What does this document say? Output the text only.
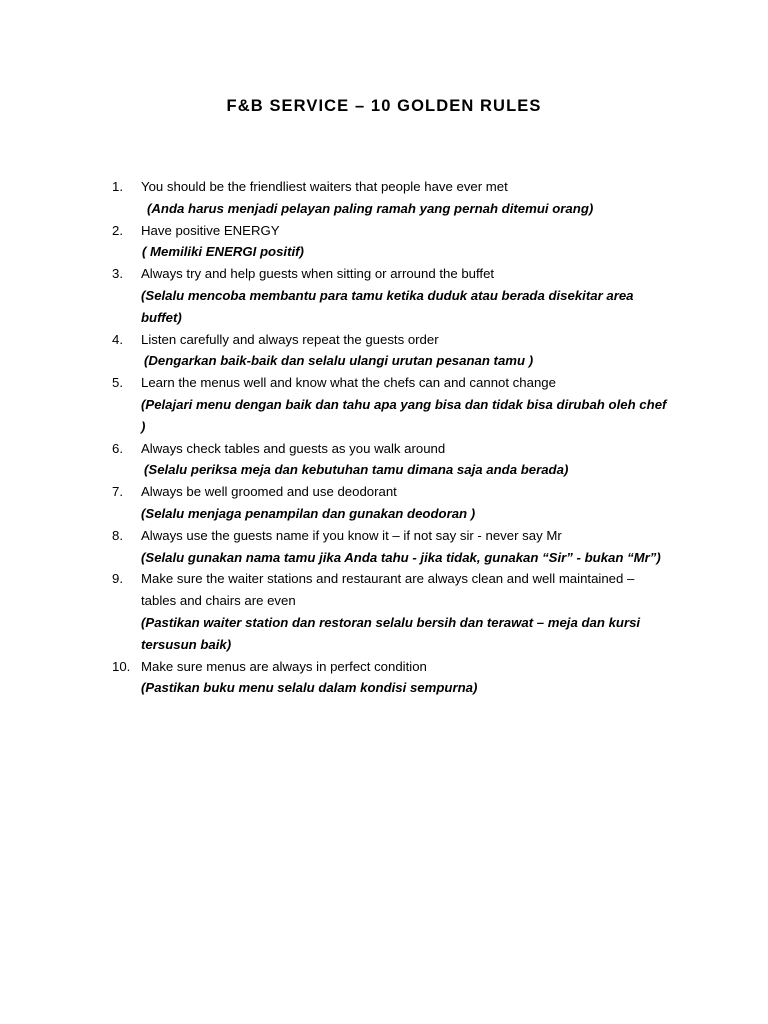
F&B SERVICE – 10 GOLDEN RULES
1. You should be the friendliest waiters that people have ever met
(Anda harus menjadi pelayan paling ramah yang pernah ditemui orang)
2. Have positive ENERGY
( Memiliki ENERGI positif)
3. Always try and help guests when sitting or arround the buffet
(Selalu mencoba membantu para tamu ketika duduk atau berada disekitar area buffet)
4. Listen carefully and always repeat the guests order
(Dengarkan baik-baik dan selalu ulangi urutan pesanan tamu )
5. Learn the menus well and know what the chefs can and cannot change
(Pelajari menu dengan baik dan tahu apa yang bisa dan tidak bisa dirubah oleh chef )
6. Always check tables and guests as you walk around
(Selalu periksa meja dan kebutuhan tamu dimana saja anda berada)
7. Always be well groomed and use deodorant
(Selalu menjaga penampilan dan gunakan deodoran )
8. Always use the guests name if you know it – if not say sir - never say Mr
(Selalu gunakan nama tamu jika Anda tahu - jika tidak, gunakan “Sir” - bukan “Mr”)
9. Make sure the waiter stations and restaurant are always clean and well maintained – tables and chairs are even
(Pastikan waiter station dan restoran selalu bersih dan terawat – meja dan kursi tersusun baik)
10. Make sure menus are always in perfect condition
(Pastikan buku menu selalu dalam kondisi sempurna)
